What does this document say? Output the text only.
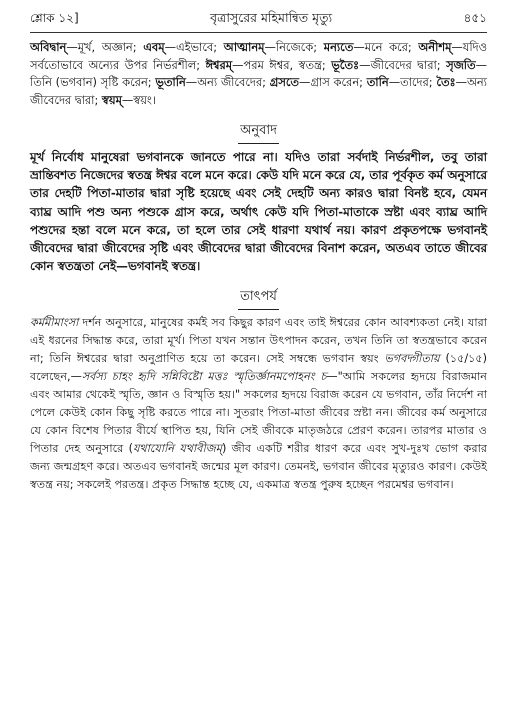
শ্লোক ১২]	বৃত্রাসুরের মহিমান্বিত মৃত্যু	৪৫১
অবিদ্বান্‌—মূর্খ, অজ্ঞান; এবম্‌—এইভাবে; আত্মানম্‌—নিজেকে; মন্যতে—মনে করে; অনীশম্‌—যদিও সর্বতোভাবে অন্যের উপর নির্ভরশীল; ঈশ্বরম্‌—পরম ঈশ্বর, স্বতন্ত্র; ভূতৈঃ—জীবেদের দ্বারা; সৃজতি—তিনি (ভগবান) সৃষ্টি করেন; ভূতানি—অন্য জীবেদের; গ্রসতে—গ্রাস করেন; তানি—তাদের; তৈঃ—অন্য জীবেদের দ্বারা; স্বয়ম্‌—স্বয়ং।
অনুবাদ
মূর্খ নির্বোধ মানুষেরা ভগবানকে জানতে পারে না। যদিও তারা সর্বদাই নির্ভরশীল, তবু তারা ভ্রান্তিবশত নিজেদের স্বতন্ত্র ঈশ্বর বলে মনে করে। কেউ যদি মনে করে যে, তার পূর্বকৃত কর্ম অনুসারে তার দেহটি পিতা-মাতার দ্বারা সৃষ্টি হয়েছে এবং সেই দেহটি অন্য কারও দ্বারা বিনষ্ট হবে, যেমন ব্যাঘ্র আদি পশু অন্য পশুকে গ্রাস করে, অর্থাৎ কেউ যদি পিতা-মাতাকে স্রষ্টা এবং ব্যাঘ্র আদি পশুদের হন্তা বলে মনে করে, তা হলে তার সেই ধারণা যথার্থ নয়। কারণ প্রকৃতপক্ষে ভগবানই জীবেদের দ্বারা জীবেদের সৃষ্টি এবং জীবেদের দ্বারা জীবেদের বিনাশ করেন, অতএব তাতে জীবের কোন স্বতন্ত্রতা নেই—ভগবানই স্বতন্ত্র।
তাৎপর্য
কর্মমীমাংসা দর্শন অনুসারে, মানুষের কর্মই সব কিছুর কারণ এবং তাই ঈশ্বরের কোন আবশ্যকতা নেই। যারা এই ধরনের সিদ্ধান্ত করে, তারা মূর্খ। পিতা যখন সন্তান উৎপাদন করেন, তখন তিনি তা স্বতন্ত্রভাবে করেন না; তিনি ঈশ্বরের দ্বারা অনুপ্রাণিত হয়ে তা করেন। সেই সম্বন্ধে ভগবান স্বয়ং ভগবদ্গীতায় (১৫/১৫) বলেছেন,—সর্বস্য চাহং হৃদি সন্নিবিষ্টো মত্তঃ স্মৃতির্জ্ঞানমপোহনং চ—"আমি সকলের হৃদয়ে বিরাজমান এবং আমার থেকেই স্মৃতি, জ্ঞান ও বিস্মৃতি হয়।" সকলের হৃদয়ে বিরাজ করেন যে ভগবান, তাঁর নির্দেশ না পেলে কেউই কোন কিছু সৃষ্টি করতে পারে না। সুতরাং পিতা-মাতা জীবের স্রষ্টা নন। জীবের কর্ম অনুসারে যে কোন বিশেষ পিতার বীর্যে স্থাপিত হয়, যিনি সেই জীবকে মাতৃজঠরে প্রেরণ করেন। তারপর মাতার ও পিতার দেহ অনুসারে (যথাযোনি যথাবীজম্‌) জীব একটি শরীর ধারণ করে এবং সুখ-দুঃখ ভোগ করার জন্য জন্মগ্রহণ করে। অতএব ভগবানই জন্মের মূল কারণ। তেমনই, ভগবান জীবের মৃত্যুরও কারণ। কেউই স্বতন্ত্র নয়; সকলেই পরতন্ত্র। প্রকৃত সিদ্ধান্ত হচ্ছে যে, একমাত্র স্বতন্ত্র পুরুষ হচ্ছেন পরমেশ্বর ভগবান।
